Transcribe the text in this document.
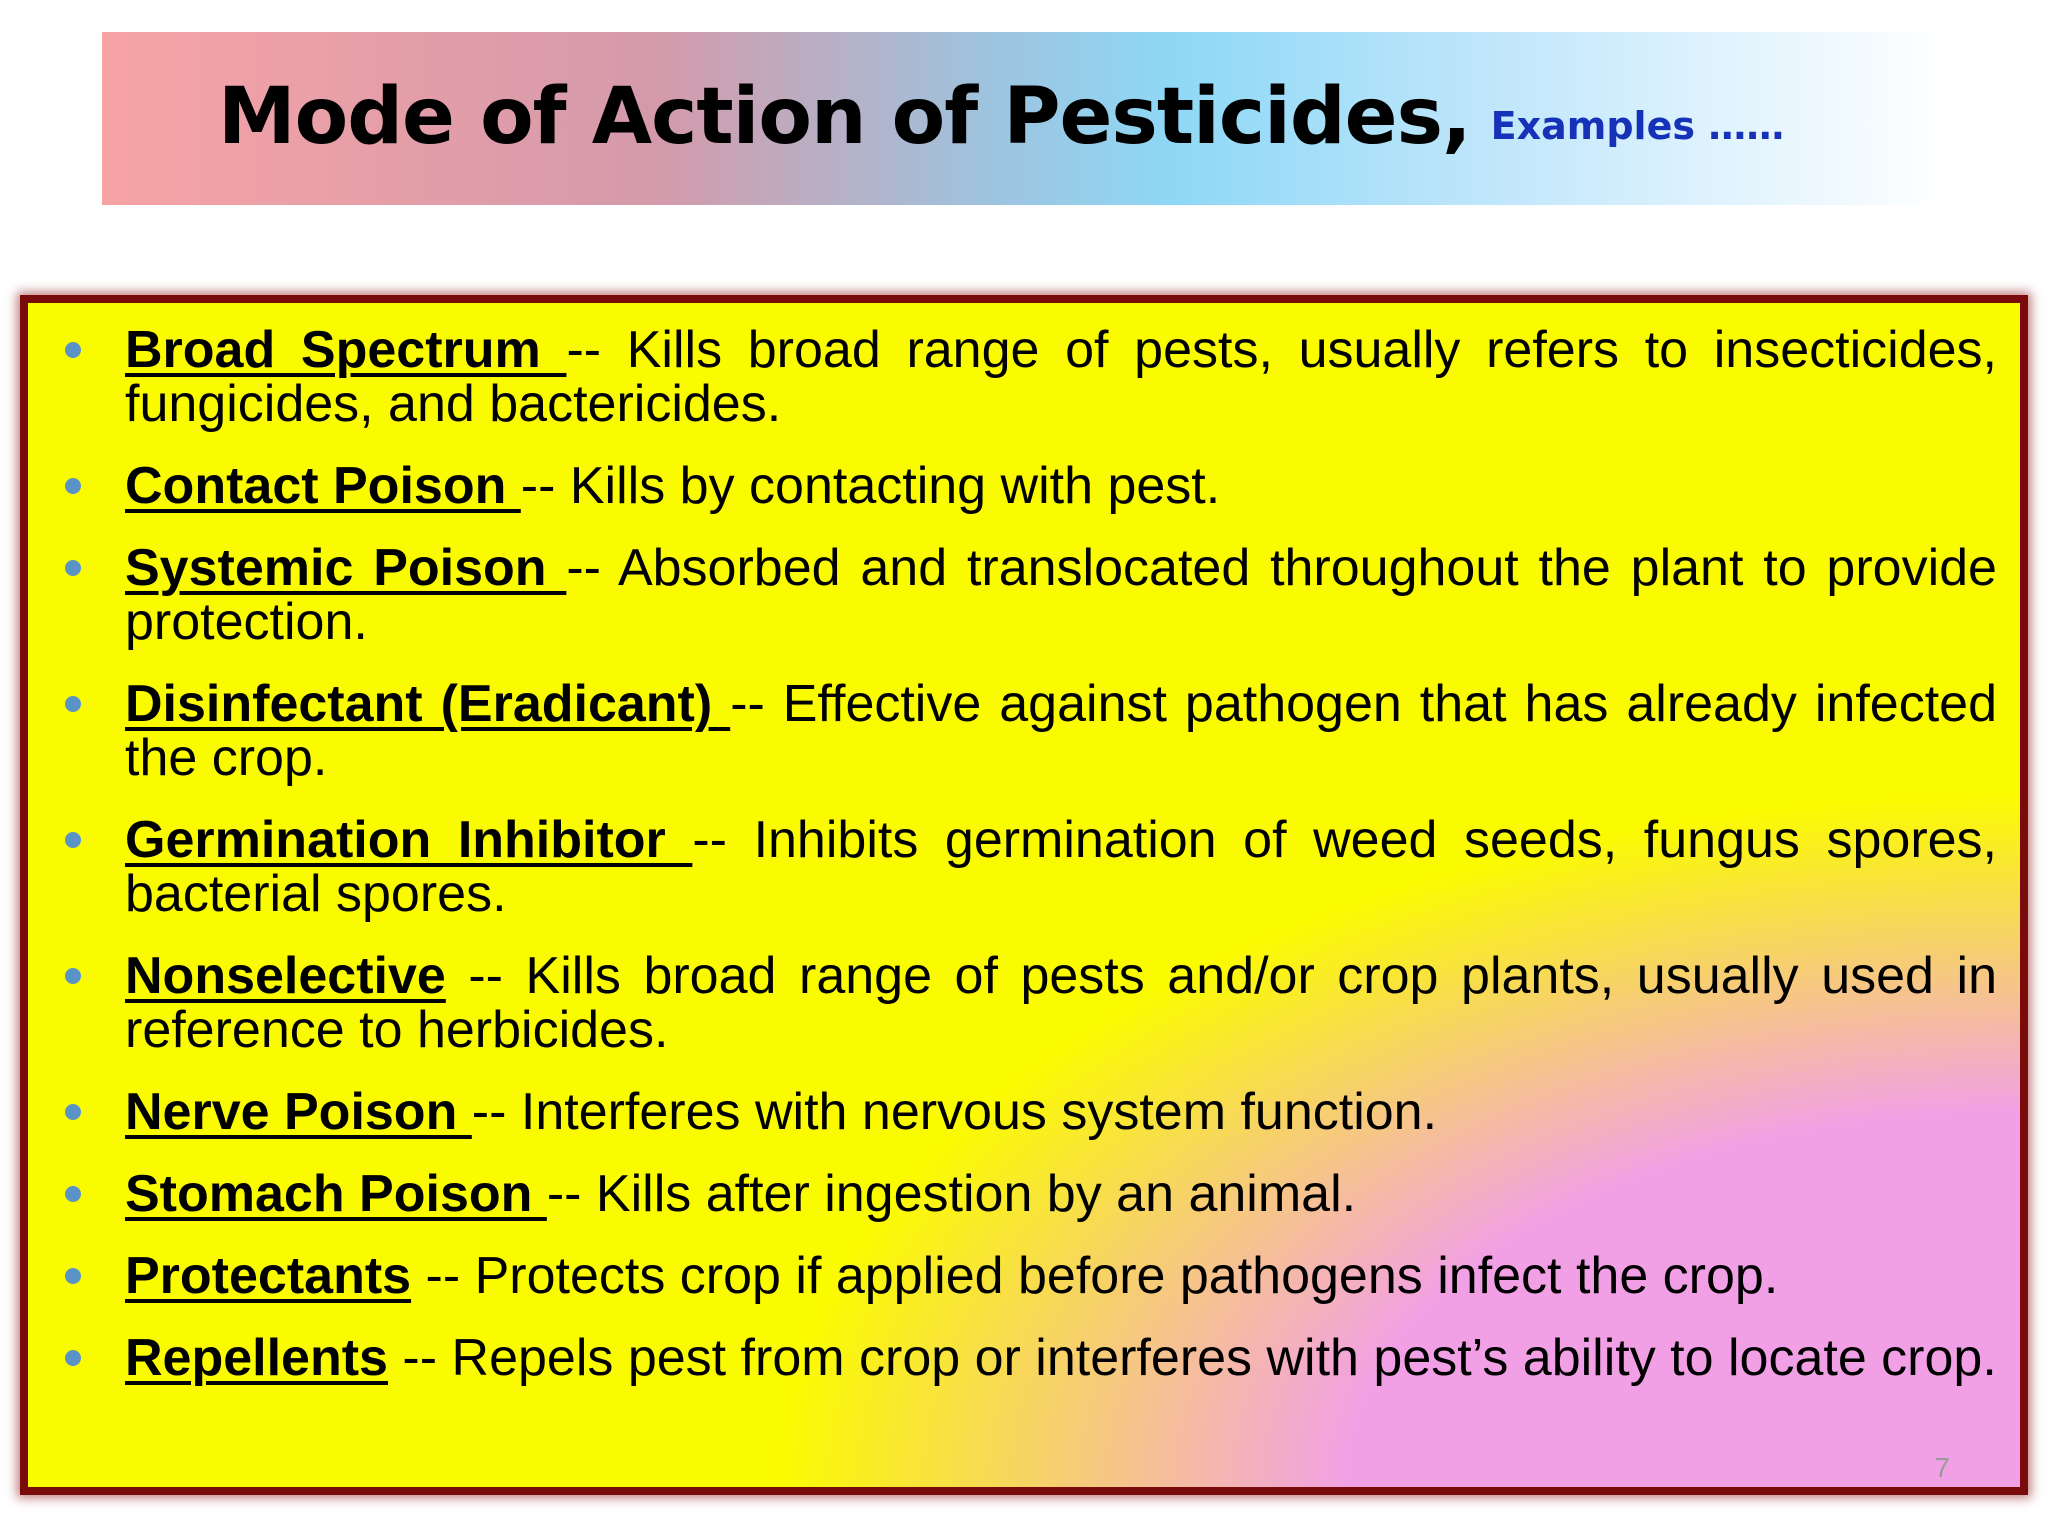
Mode of Action of Pesticides, Examples ……
Broad Spectrum -- Kills broad range of pests, usually refers to insecticides, fungicides, and bactericides.
Contact Poison -- Kills by contacting with pest.
Systemic Poison -- Absorbed and translocated throughout the plant to provide protection.
Disinfectant (Eradicant) -- Effective against pathogen that has already infected the crop.
Germination Inhibitor -- Inhibits germination of weed seeds, fungus spores, bacterial spores.
Nonselective -- Kills broad range of pests and/or crop plants, usually used in reference to herbicides.
Nerve Poison -- Interferes with nervous system function.
Stomach Poison -- Kills after ingestion by an animal.
Protectants -- Protects crop if applied before pathogens infect the crop.
Repellents -- Repels pest from crop or interferes with pest’s ability to locate crop.
7
